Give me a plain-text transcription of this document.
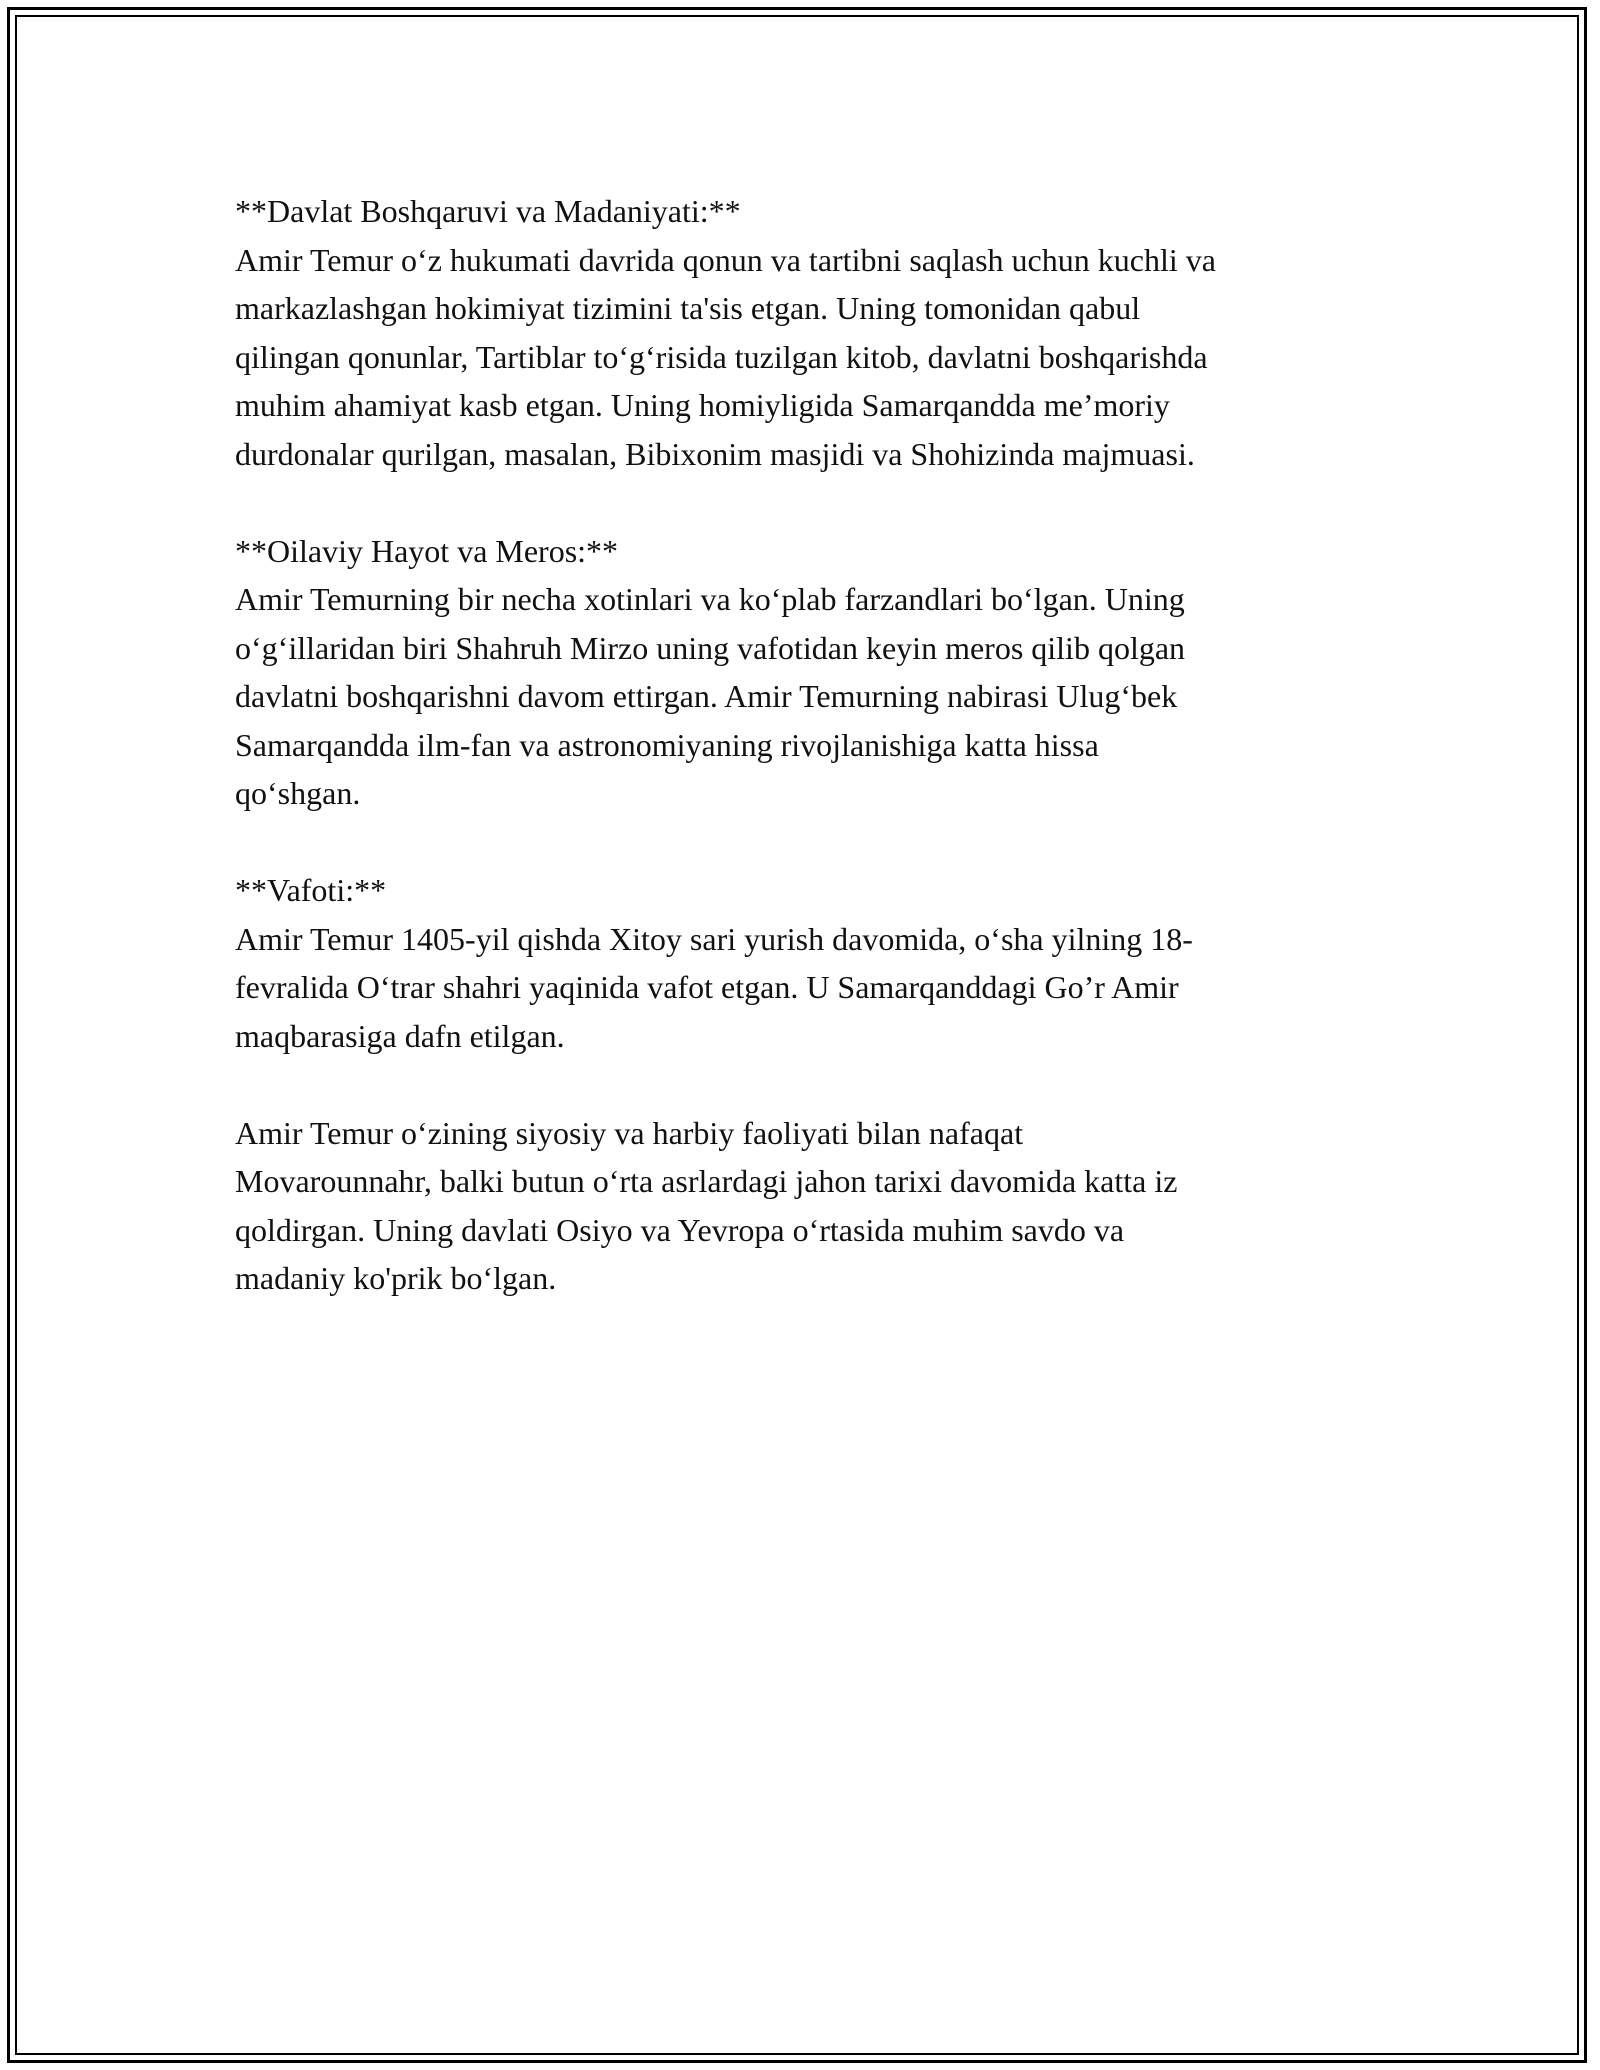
**Davlat Boshqaruvi va Madaniyati:**

Amir Temur o‘z hukumati davrida qonun va tartibni saqlash uchun kuchli va
markazlashgan hokimiyat tizimini ta'sis etgan. Uning tomonidan qabul
qilingan qonunlar, Tartiblar to‘g‘risida tuzilgan kitob, davlatni boshqarishda
muhim ahamiyat kasb etgan. Uning homiyligida Samarqandda me’moriy
durdonalar qurilgan, masalan, Bibixonim masjidi va Shohizinda majmuasi.

**Oilaviy Hayot va Meros:**

Amir Temurning bir necha xotinlari va ko‘plab farzandlari bo‘lgan. Uning
o‘g‘illaridan biri Shahruh Mirzo uning vafotidan keyin meros qilib qolgan
davlatni boshqarishni davom ettirgan. Amir Temurning nabirasi Ulug‘bek
Samarqandda ilm-fan va astronomiyaning rivojlanishiga katta hissa
qo‘shgan.

**Vafoti:**

Amir Temur 1405-yil qishda Xitoy sari yurish davomida, o‘sha yilning 18-
fevralida O‘trar shahri yaqinida vafot etgan. U Samarqanddagi Go’r Amir
maqbarasiga dafn etilgan.

Amir Temur o‘zining siyosiy va harbiy faoliyati bilan nafaqat
Movarounnahr, balki butun o‘rta asrlardagi jahon tarixi davomida katta iz
qoldirgan. Uning davlati Osiyo va Yevropa o‘rtasida muhim savdo va
madaniy ko'prik bo‘lgan.
